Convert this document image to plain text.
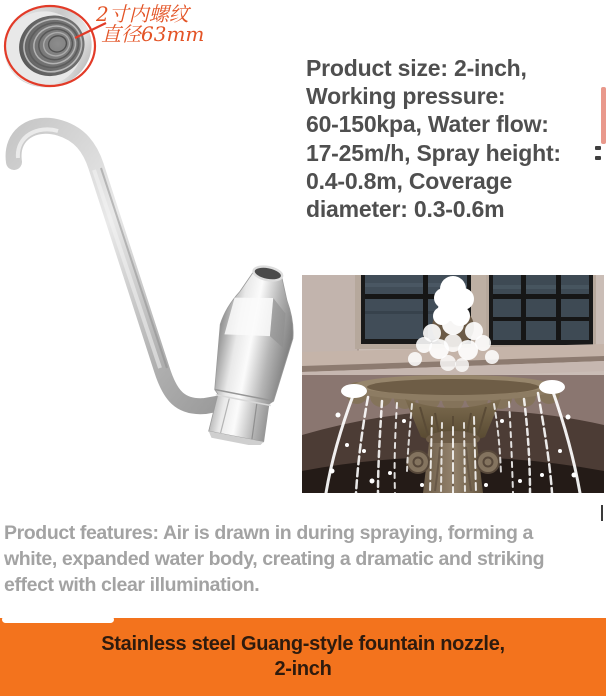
2寸内螺纹
直径63mm
Product size: 2-inch,
Working pressure:
60-150kpa, Water flow:
17-25m/h, Spray height:
0.4-0.8m, Coverage
diameter: 0.3-0.6m
Product features: Air is drawn in during spraying, forming a
white, expanded water body, creating a dramatic and striking
effect with clear illumination.
Stainless steel Guang-style fountain nozzle,
2-inch
